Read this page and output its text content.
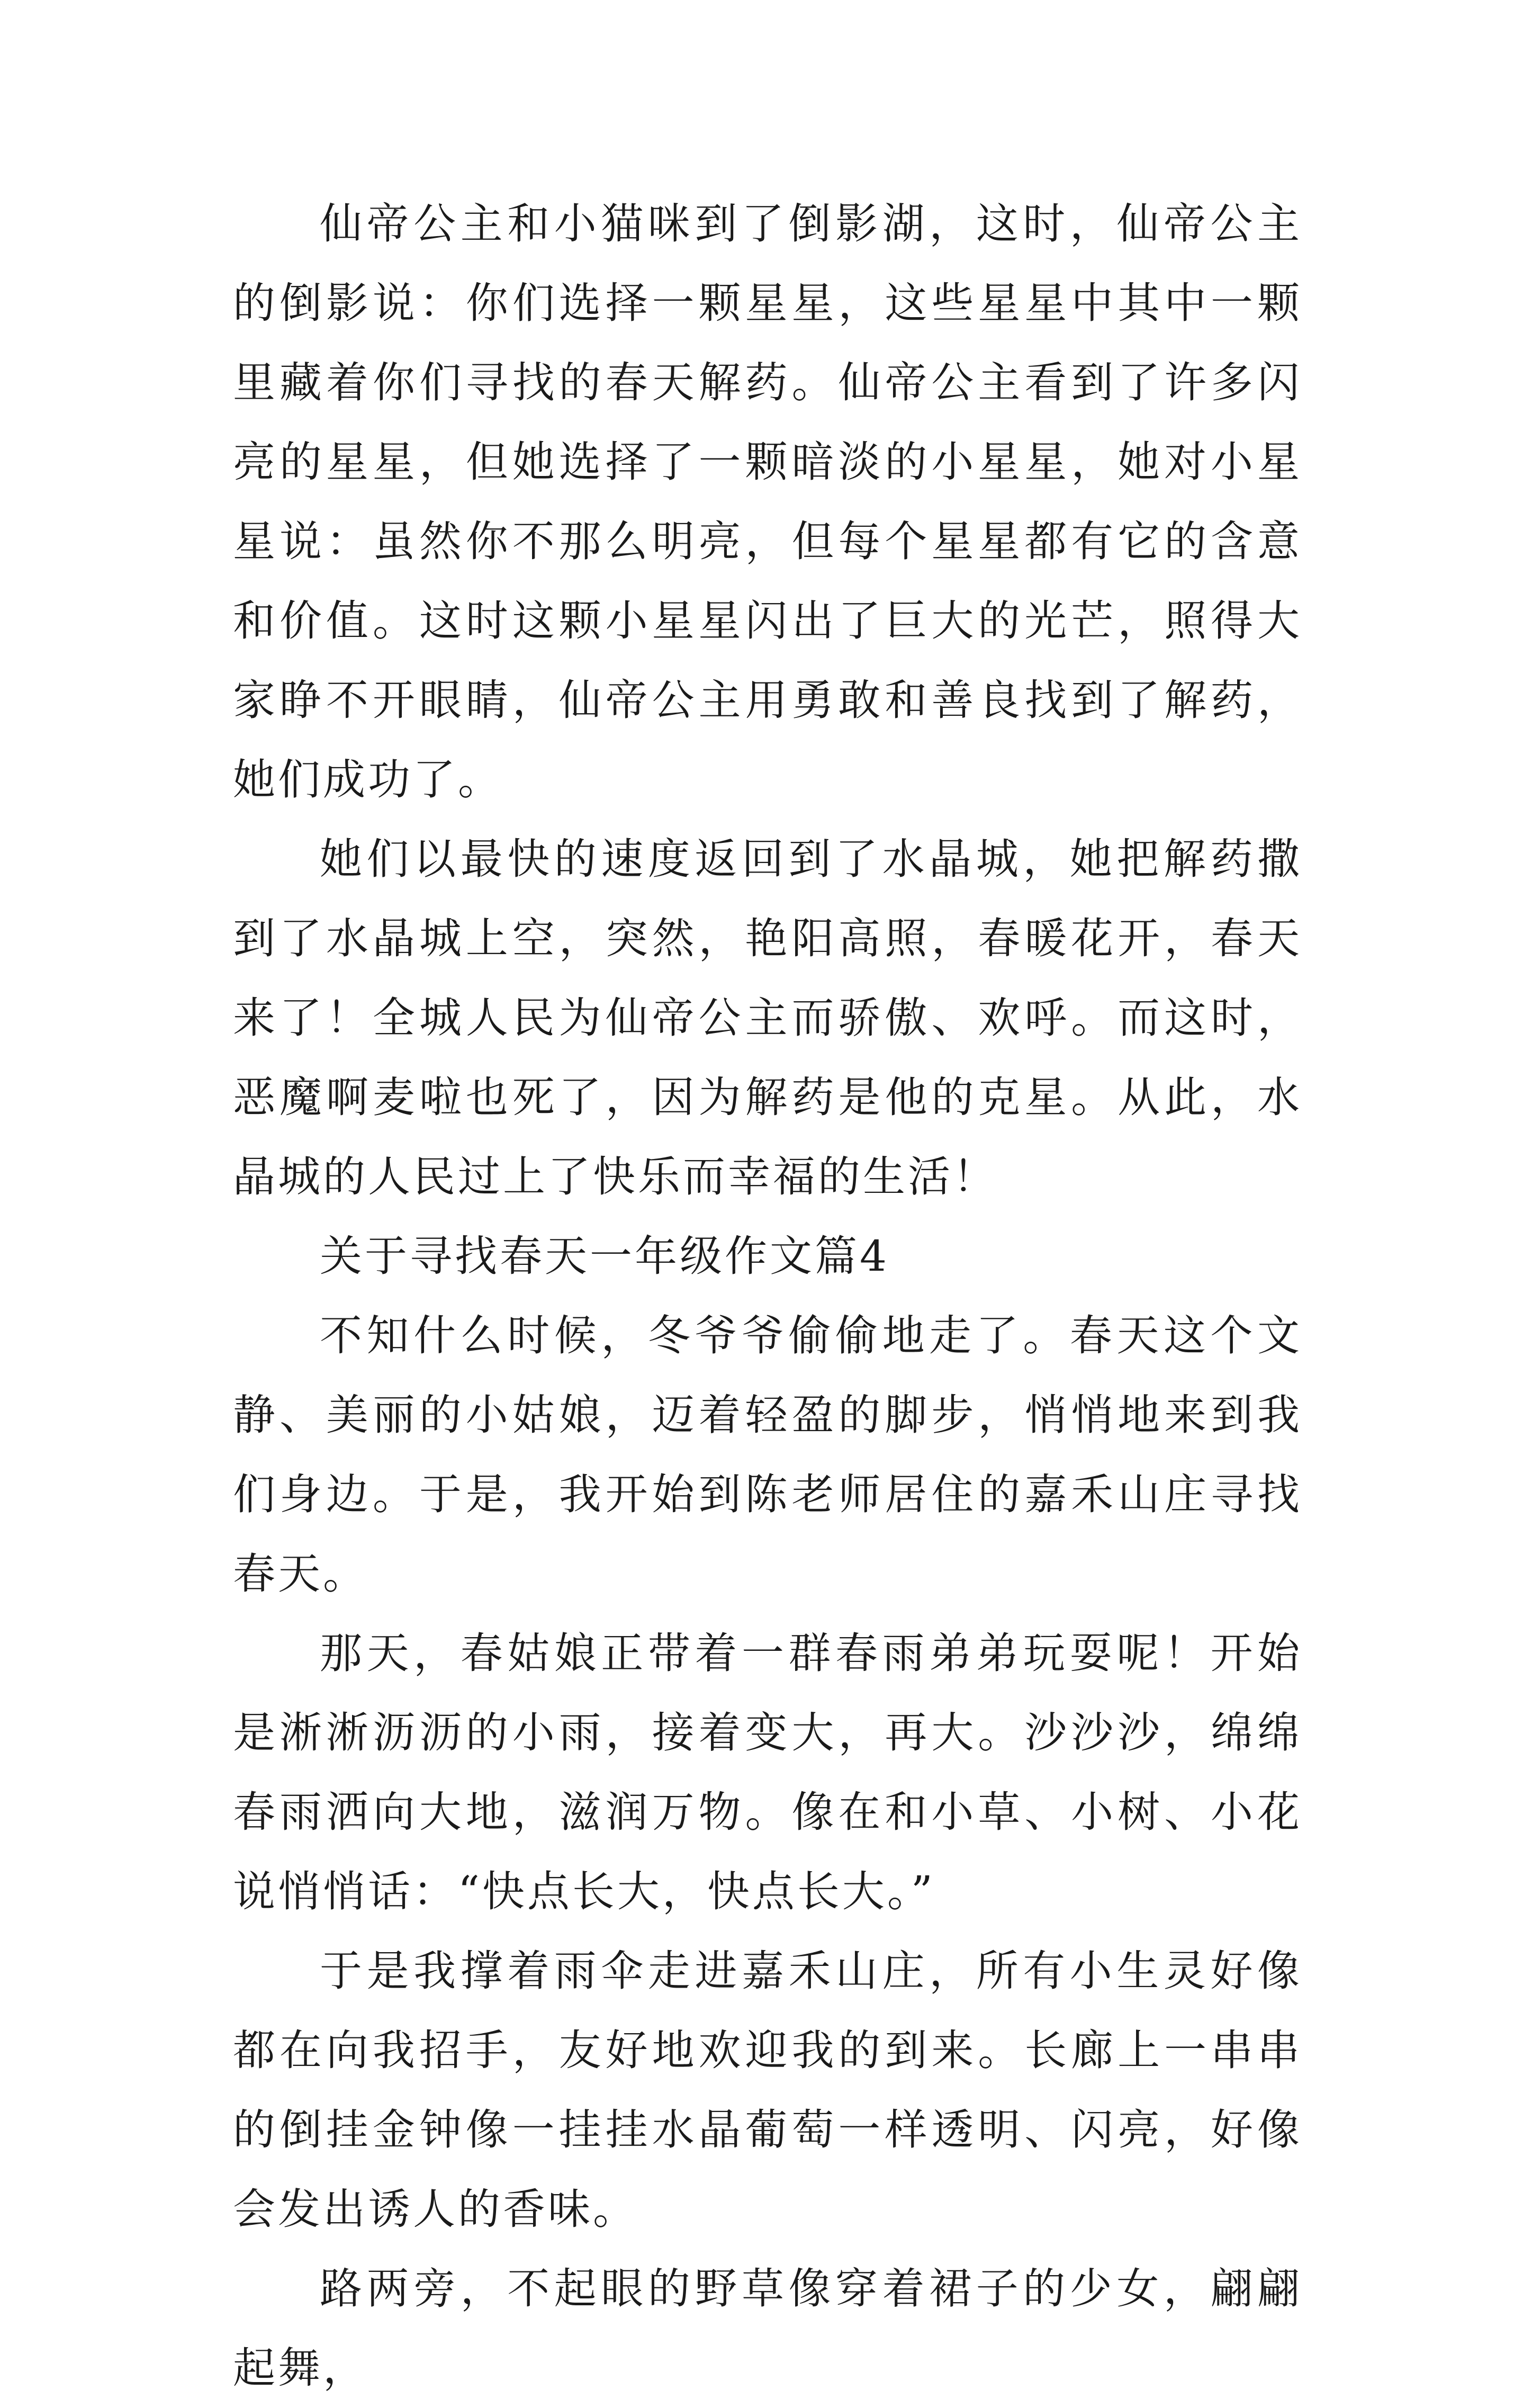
仙帝公主和小猫咪到了倒影湖，这时，仙帝公主的倒影说：你们选择一颗星星，这些星星中其中一颗里藏着你们寻找的春天解药。仙帝公主看到了许多闪亮的星星，但她选择了一颗暗淡的小星星，她对小星星说：虽然你不那么明亮，但每个星星都有它的含意和价值。这时这颗小星星闪出了巨大的光芒，照得大家睁不开眼睛，仙帝公主用勇敢和善良找到了解药，她们成功了。

她们以最快的速度返回到了水晶城，她把解药撒到了水晶城上空，突然，艳阳高照，春暖花开，春天来了！全城人民为仙帝公主而骄傲、欢呼。而这时，恶魔啊麦啦也死了，因为解药是他的克星。从此，水晶城的人民过上了快乐而幸福的生活！

关于寻找春天一年级作文篇4

不知什么时候，冬爷爷偷偷地走了。春天这个文静、美丽的小姑娘，迈着轻盈的脚步，悄悄地来到我们身边。于是，我开始到陈老师居住的嘉禾山庄寻找春天。

那天，春姑娘正带着一群春雨弟弟玩耍呢！开始是淅淅沥沥的小雨，接着变大，再大。沙沙沙，绵绵春雨洒向大地，滋润万物。像在和小草、小树、小花说悄悄话：“快点长大，快点长大。”

于是我撑着雨伞走进嘉禾山庄，所有小生灵好像都在向我招手，友好地欢迎我的到来。长廊上一串串的倒挂金钟像一挂挂水晶葡萄一样透明、闪亮，好像会发出诱人的香味。

路两旁，不起眼的野草像穿着裙子的少女，翩翩起舞，
